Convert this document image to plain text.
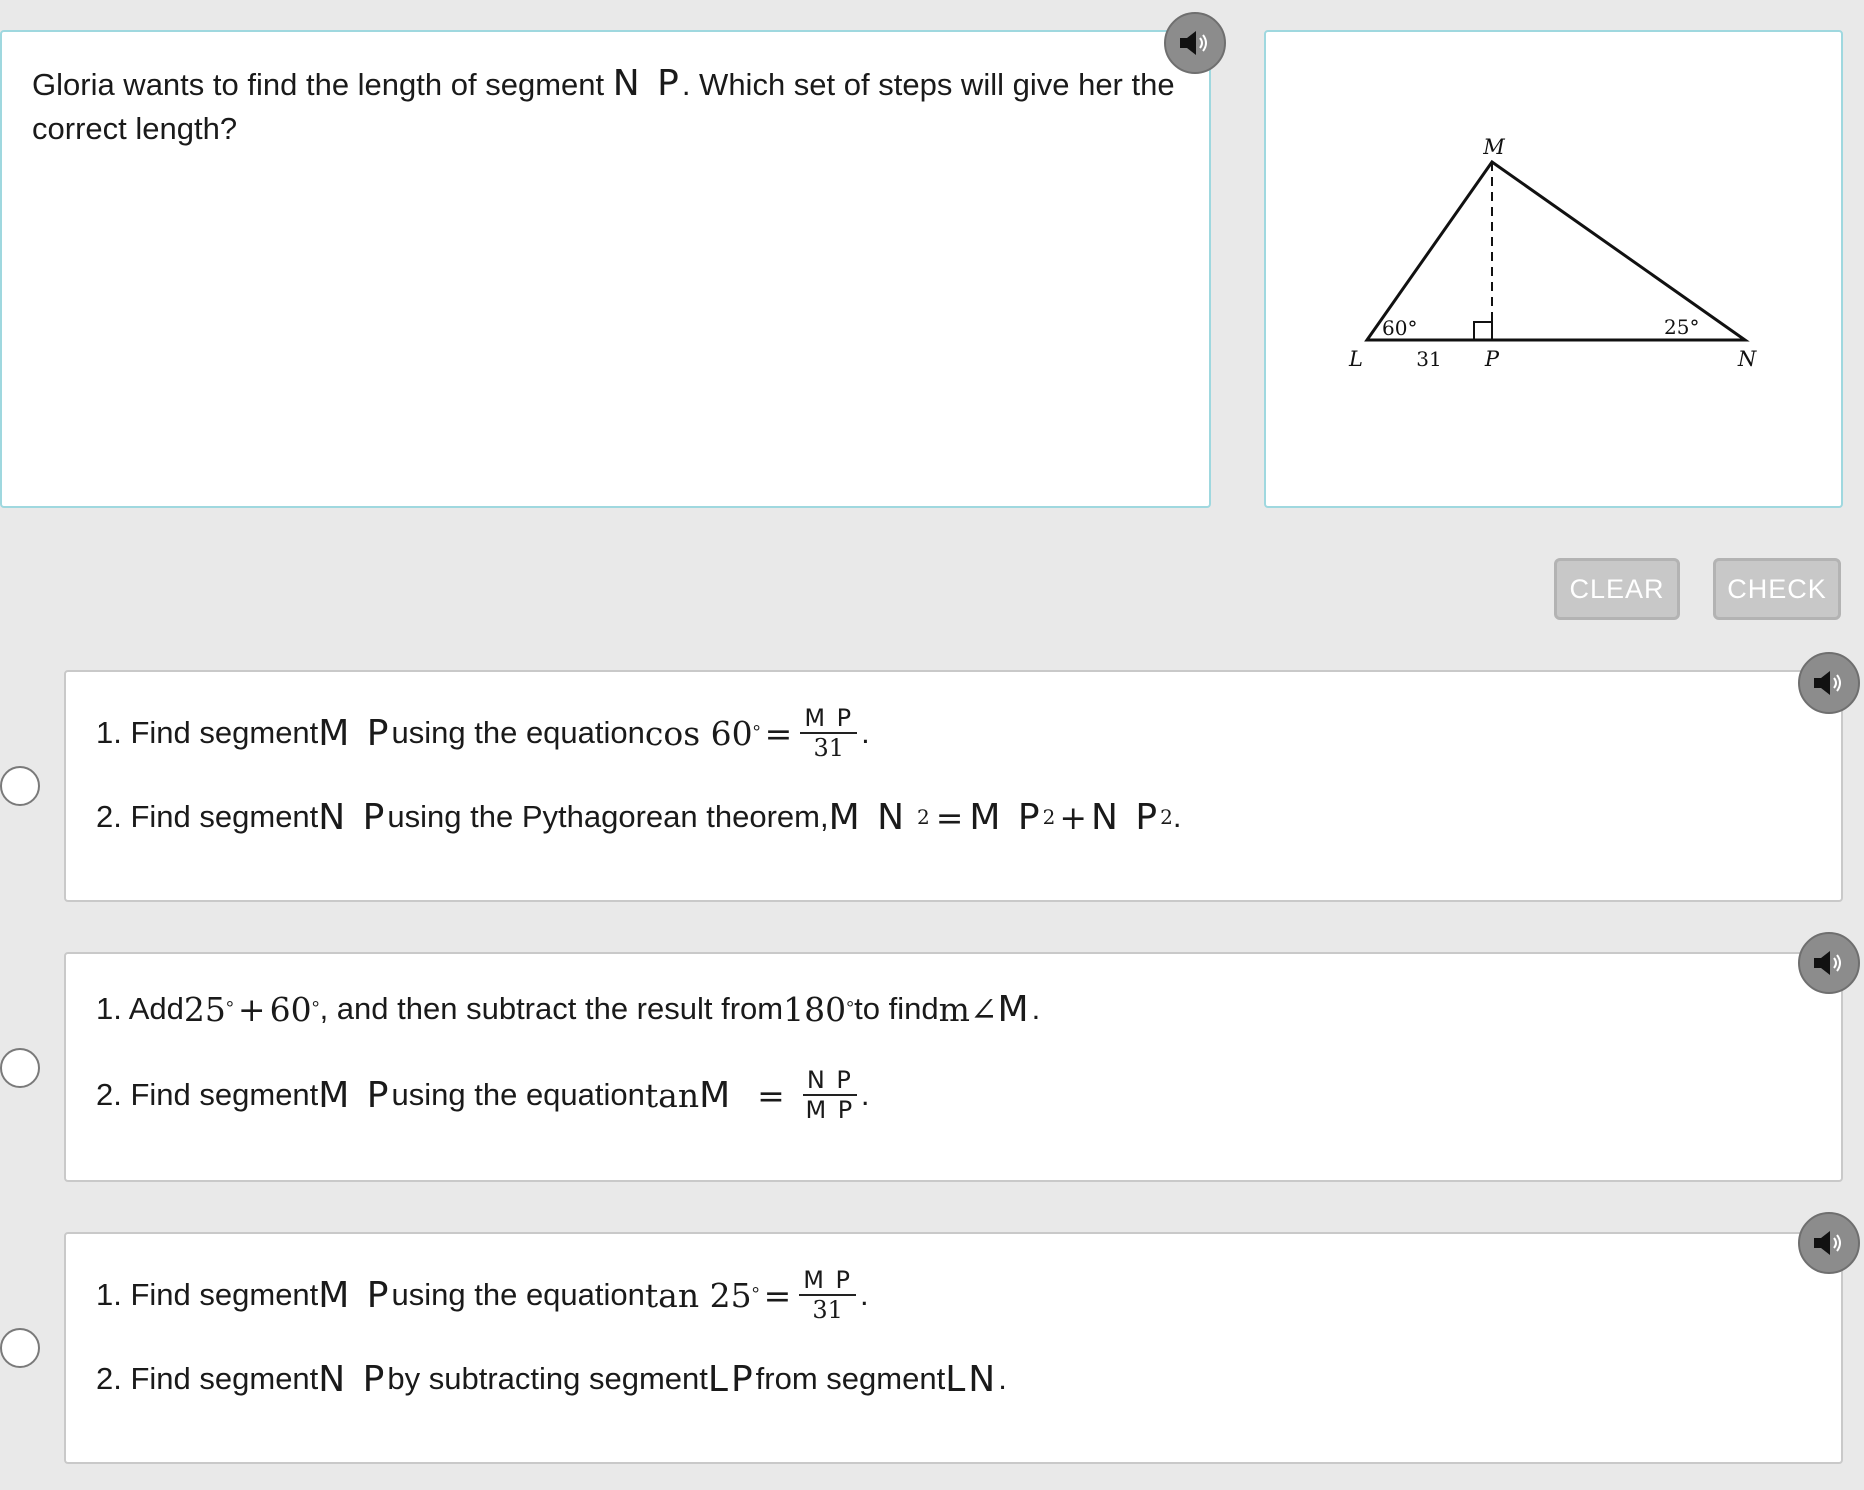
Gloria wants to find the length of segment N P. Which set of steps will give her the correct length?
M
L	P	N
60°	25°
31
CLEAR	CHECK
1. Find segment M P using the equation cos 60 ° = $\frac{\text{M P}}{31}$ .
2. Find segment N P using the Pythagorean theorem, M N 2 = M P 2 + N P 2 .
1. Add 25 ° + 60 ° , and then subtract the result from 180 ° to find m∠ M .
2. Find segment M P using the equation $\tan M = \frac{\text{N P}}{\text{M P}}$ .
1. Find segment M P using the equation tan 25 ° = $\frac{\text{M P}}{31}$ .
2. Find segment N P by subtracting segment LP from segment LN .
